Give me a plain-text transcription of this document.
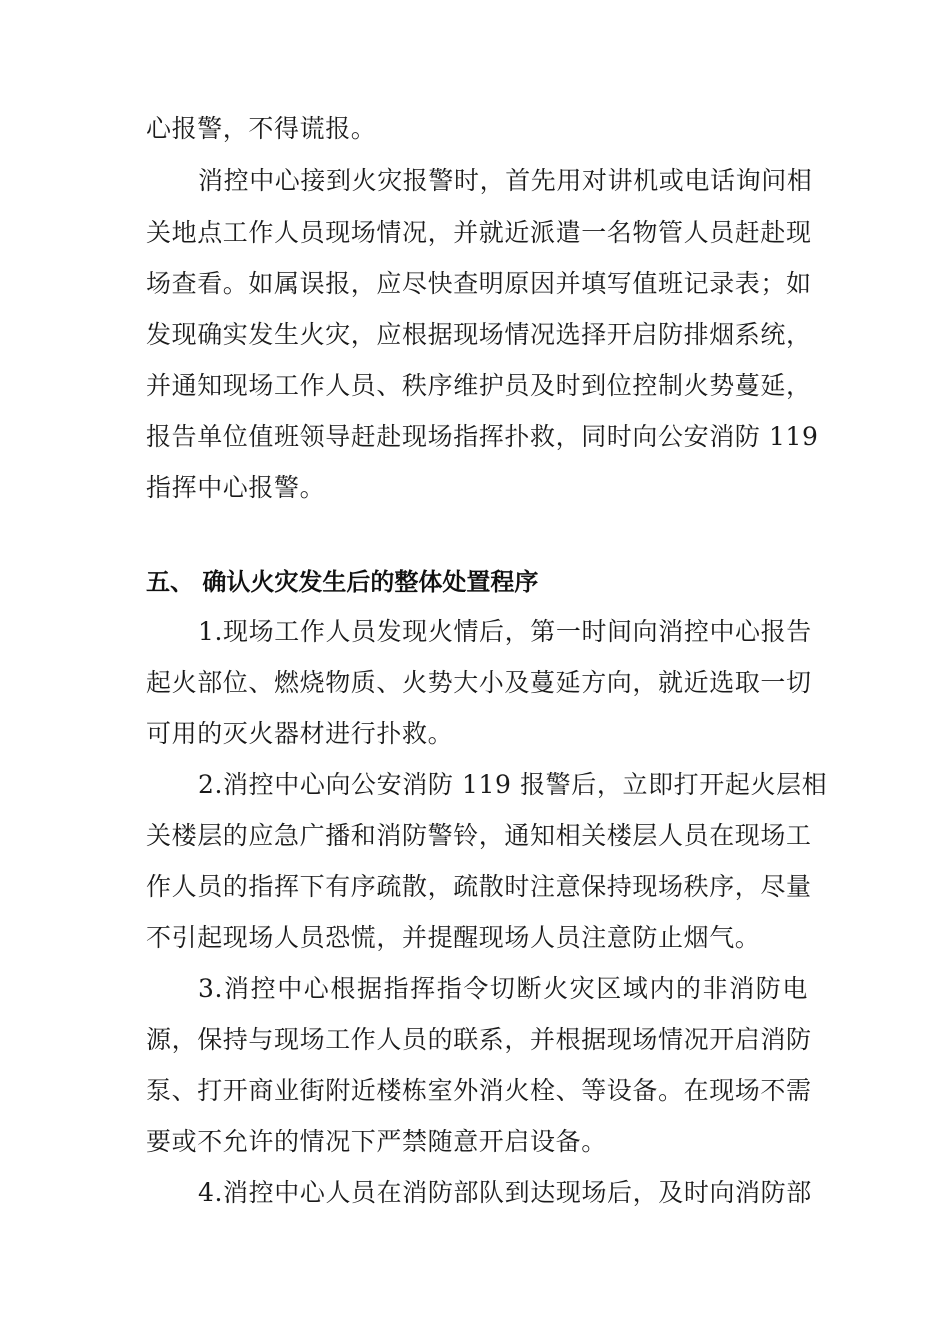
心报警，不得谎报。

消控中心接到火灾报警时，首先用对讲机或电话询问相

关地点工作人员现场情况，并就近派遣一名物管人员赶赴现

场查看。如属误报，应尽快查明原因并填写值班记录表；如

发现确实发生火灾，应根据现场情况选择开启防排烟系统，

并通知现场工作人员、秩序维护员及时到位控制火势蔓延，

报告单位值班领导赶赴现场指挥扑救，同时向公安消防 119

指挥中心报警。

五、 确认火灾发生后的整体处置程序

1.现场工作人员发现火情后，第一时间向消控中心报告

起火部位、燃烧物质、火势大小及蔓延方向，就近选取一切

可用的灭火器材进行扑救。

2.消控中心向公安消防 119 报警后，立即打开起火层相

关楼层的应急广播和消防警铃，通知相关楼层人员在现场工

作人员的指挥下有序疏散，疏散时注意保持现场秩序，尽量

不引起现场人员恐慌，并提醒现场人员注意防止烟气。

3.消控中心根据指挥指令切断火灾区域内的非消防电

源，保持与现场工作人员的联系，并根据现场情况开启消防

泵、打开商业街附近楼栋室外消火栓、等设备。在现场不需

要或不允许的情况下严禁随意开启设备。

4.消控中心人员在消防部队到达现场后，及时向消防部
